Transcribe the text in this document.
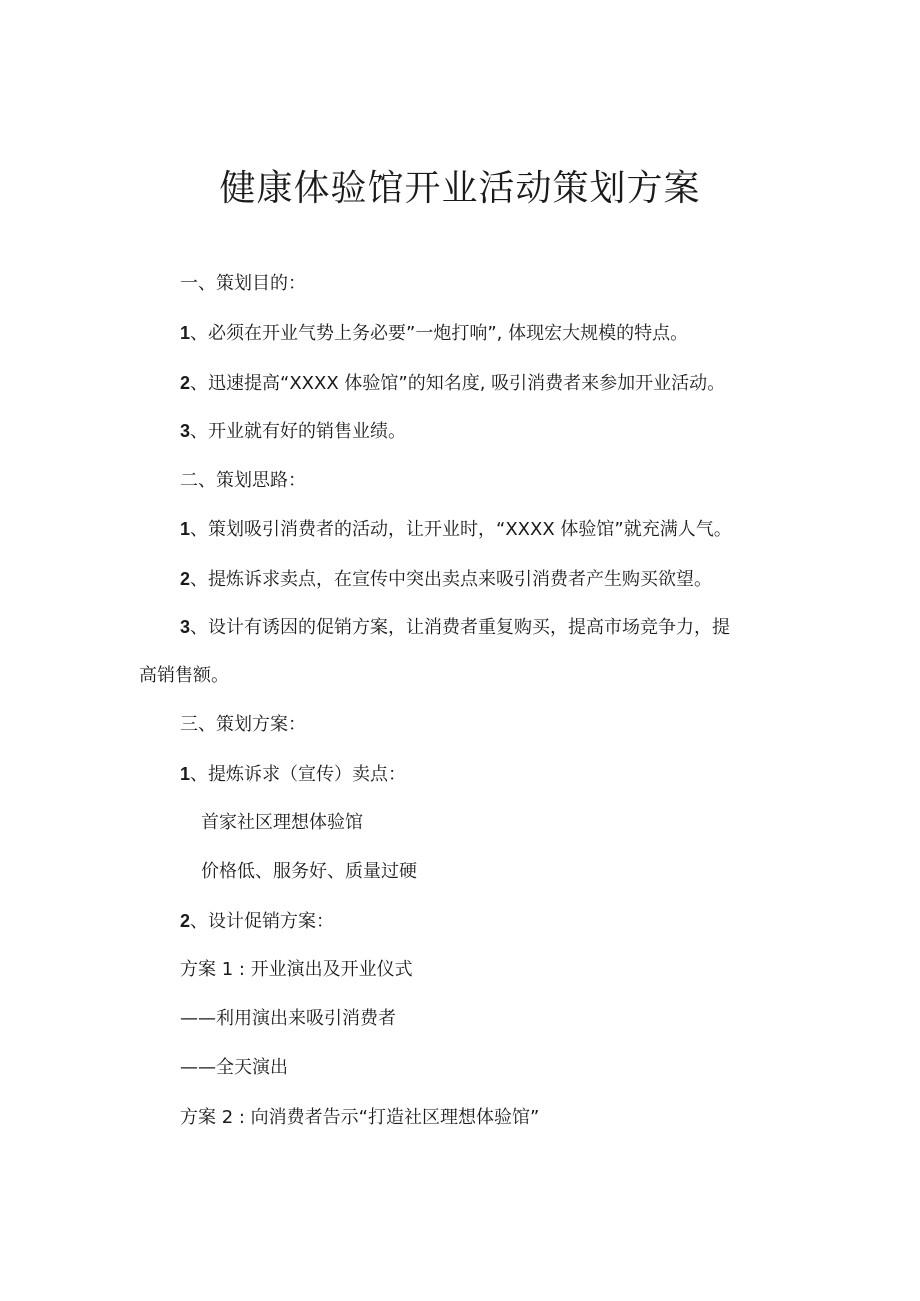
健康体验馆开业活动策划方案

一、策划目的：

1、必须在开业气势上务必要”一炮打响”, 体现宏大规模的特点。

2、迅速提高“XXXX 体验馆”的知名度, 吸引消费者来参加开业活动。

3、开业就有好的销售业绩。

二、策划思路：

1、策划吸引消费者的活动，让开业时，“XXXX 体验馆”就充满人气。

2、提炼诉求卖点，在宣传中突出卖点来吸引消费者产生购买欲望。

3、设计有诱因的促销方案，让消费者重复购买，提高市场竞争力，提

高销售额。

三、策划方案：

1、提炼诉求（宣传）卖点：

首家社区理想体验馆

价格低、服务好、质量过硬

2、设计促销方案：

方案 1 : 开业演出及开业仪式

——利用演出来吸引消费者

——全天演出

方案 2 : 向消费者告示“打造社区理想体验馆”
